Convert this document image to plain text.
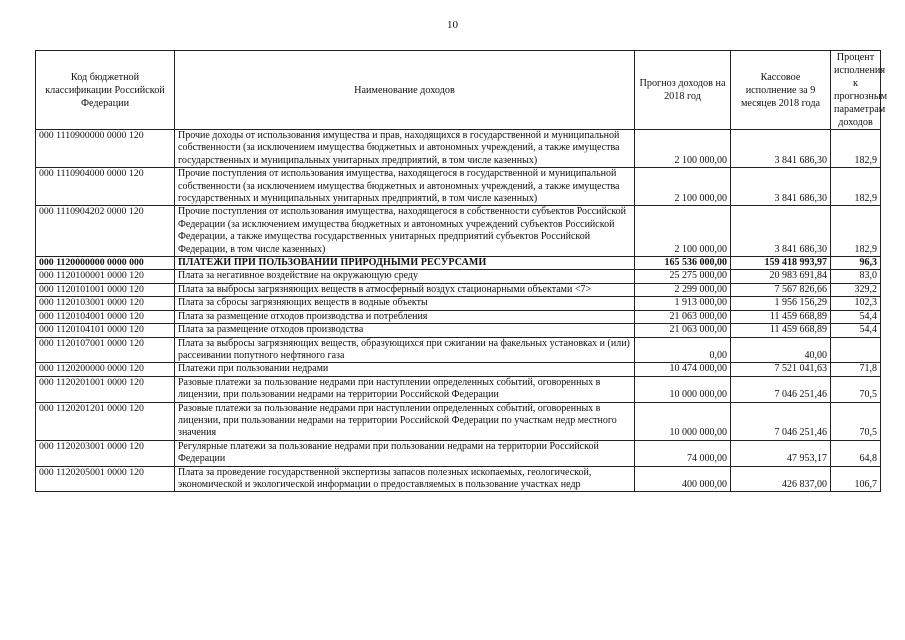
10
Код бюджетной классификации Российской Федерации	Наименование доходов	Прогноз доходов на 2018 год	Кассовое исполнение за 9 месяцев 2018 года	Процент исполнения к прогнозным параметрам доходов
000 1110900000 0000 120	Прочие доходы от использования имущества и прав, находящихся в государственной и муниципальной собственности (за исключением имущества бюджетных и автономных учреждений, а также имущества государственных и муниципальных унитарных предприятий, в том числе казенных)	2 100 000,00	3 841 686,30	182,9
000 1110904000 0000 120	Прочие поступления от использования имущества, находящегося в государственной и муниципальной собственности (за исключением имущества бюджетных и автономных учреждений, а также имущества государственных и муниципальных унитарных предприятий, в том числе казенных)	2 100 000,00	3 841 686,30	182,9
000 1110904202 0000 120	Прочие поступления от использования имущества, находящегося в собственности субъектов Российской Федерации (за исключением имущества бюджетных и автономных учреждений субъектов Российской Федерации, а также имущества государственных унитарных предприятий субъектов Российской Федерации, в том числе казенных)	2 100 000,00	3 841 686,30	182,9
000 1120000000 0000 000	ПЛАТЕЖИ ПРИ ПОЛЬЗОВАНИИ ПРИРОДНЫМИ РЕСУРСАМИ	165 536 000,00	159 418 993,97	96,3
000 1120100001 0000 120	Плата за негативное воздействие на окружающую среду	25 275 000,00	20 983 691,84	83,0
000 1120101001 0000 120	Плата за выбросы загрязняющих веществ в атмосферный воздух стационарными объектами <7>	2 299 000,00	7 567 826,66	329,2
000 1120103001 0000 120	Плата за сбросы загрязняющих веществ в водные объекты	1 913 000,00	1 956 156,29	102,3
000 1120104001 0000 120	Плата за размещение отходов производства и потребления	21 063 000,00	11 459 668,89	54,4
000 1120104101 0000 120	Плата за размещение отходов производства	21 063 000,00	11 459 668,89	54,4
000 1120107001 0000 120	Плата за выбросы загрязняющих веществ, образующихся при сжигании на факельных установках и (или) рассеивании попутного нефтяного газа	0,00	40,00	
000 1120200000 0000 120	Платежи при пользовании недрами	10 474 000,00	7 521 041,63	71,8
000 1120201001 0000 120	Разовые платежи за пользование недрами при наступлении определенных событий, оговоренных в лицензии, при пользовании недрами на территории Российской Федерации	10 000 000,00	7 046 251,46	70,5
000 1120201201 0000 120	Разовые платежи за пользование недрами при наступлении определенных событий, оговоренных в лицензии, при пользовании недрами на территории Российской Федерации по участкам недр местного значения	10 000 000,00	7 046 251,46	70,5
000 1120203001 0000 120	Регулярные платежи за пользование недрами при пользовании недрами на территории Российской Федерации	74 000,00	47 953,17	64,8
000 1120205001 0000 120	Плата за проведение государственной экспертизы запасов полезных ископаемых, геологической, экономической и экологической информации о предоставляемых в пользование участках недр	400 000,00	426 837,00	106,7
